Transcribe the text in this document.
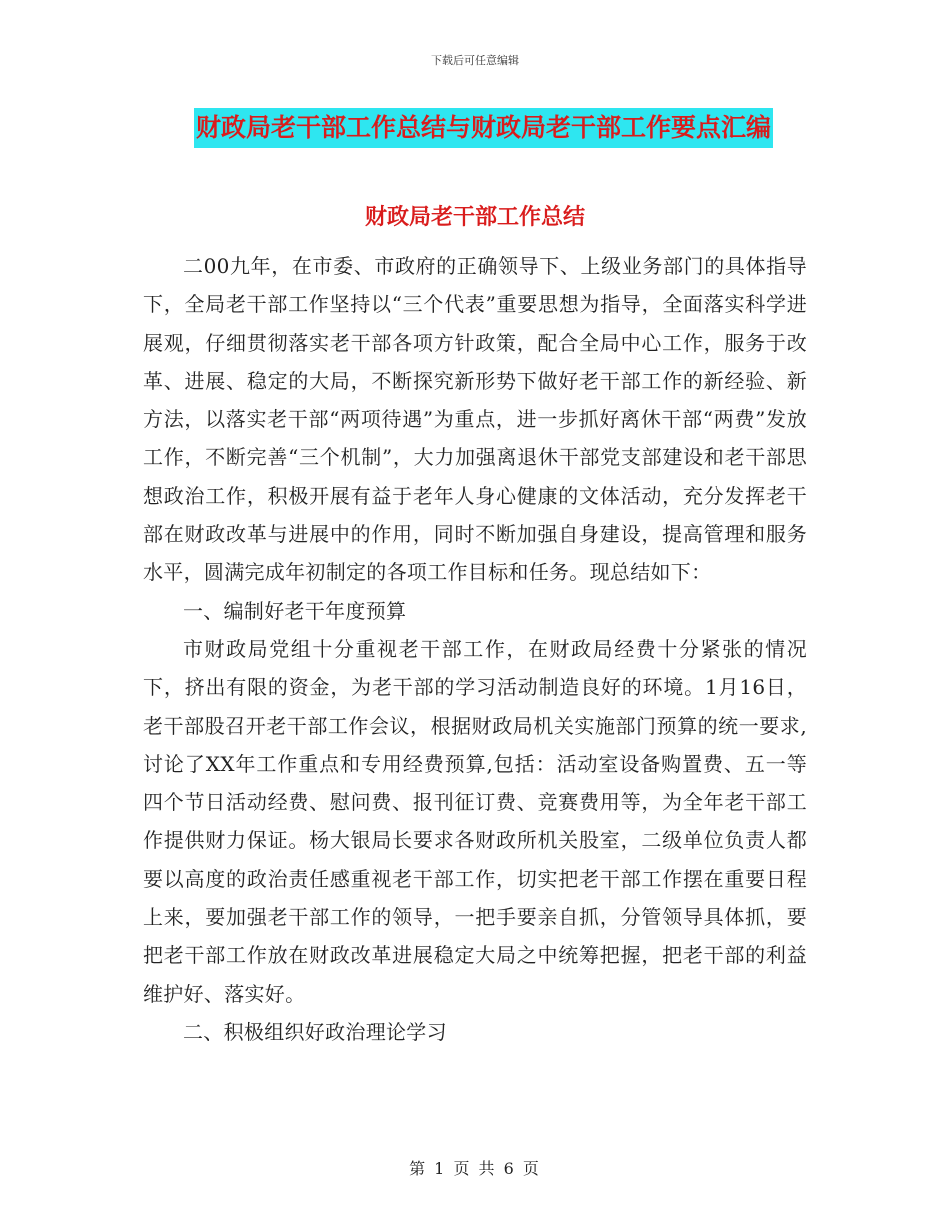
下载后可任意编辑
财政局老干部工作总结与财政局老干部工作要点汇编
财政局老干部工作总结

二00九年，在市委、市政府的正确领导下、上级业务部门的具体指导下，全局老干部工作坚持以“三个代表”重要思想为指导，全面落实科学进展观，仔细贯彻落实老干部各项方针政策，配合全局中心工作，服务于改革、进展、稳定的大局，不断探究新形势下做好老干部工作的新经验、新方法，以落实老干部“两项待遇”为重点，进一步抓好离休干部“两费”发放工作，不断完善“三个机制”，大力加强离退休干部党支部建设和老干部思想政治工作，积极开展有益于老年人身心健康的文体活动，充分发挥老干部在财政改革与进展中的作用，同时不断加强自身建设，提高管理和服务水平，圆满完成年初制定的各项工作目标和任务。现总结如下：

一、编制好老干年度预算

市财政局党组十分重视老干部工作，在财政局经费十分紧张的情况下，挤出有限的资金，为老干部的学习活动制造良好的环境。1月16日，老干部股召开老干部工作会议，根据财政局机关实施部门预算的统一要求,讨论了XX年工作重点和专用经费预算,包括：活动室设备购置费、五一等四个节日活动经费、慰问费、报刊征订费、竞赛费用等，为全年老干部工作提供财力保证。杨大银局长要求各财政所机关股室，二级单位负责人都要以高度的政治责任感重视老干部工作，切实把老干部工作摆在重要日程上来，要加强老干部工作的领导，一把手要亲自抓，分管领导具体抓，要把老干部工作放在财政改革进展稳定大局之中统筹把握，把老干部的利益维护好、落实好。

二、积极组织好政治理论学习

第 1 页 共 6 页
